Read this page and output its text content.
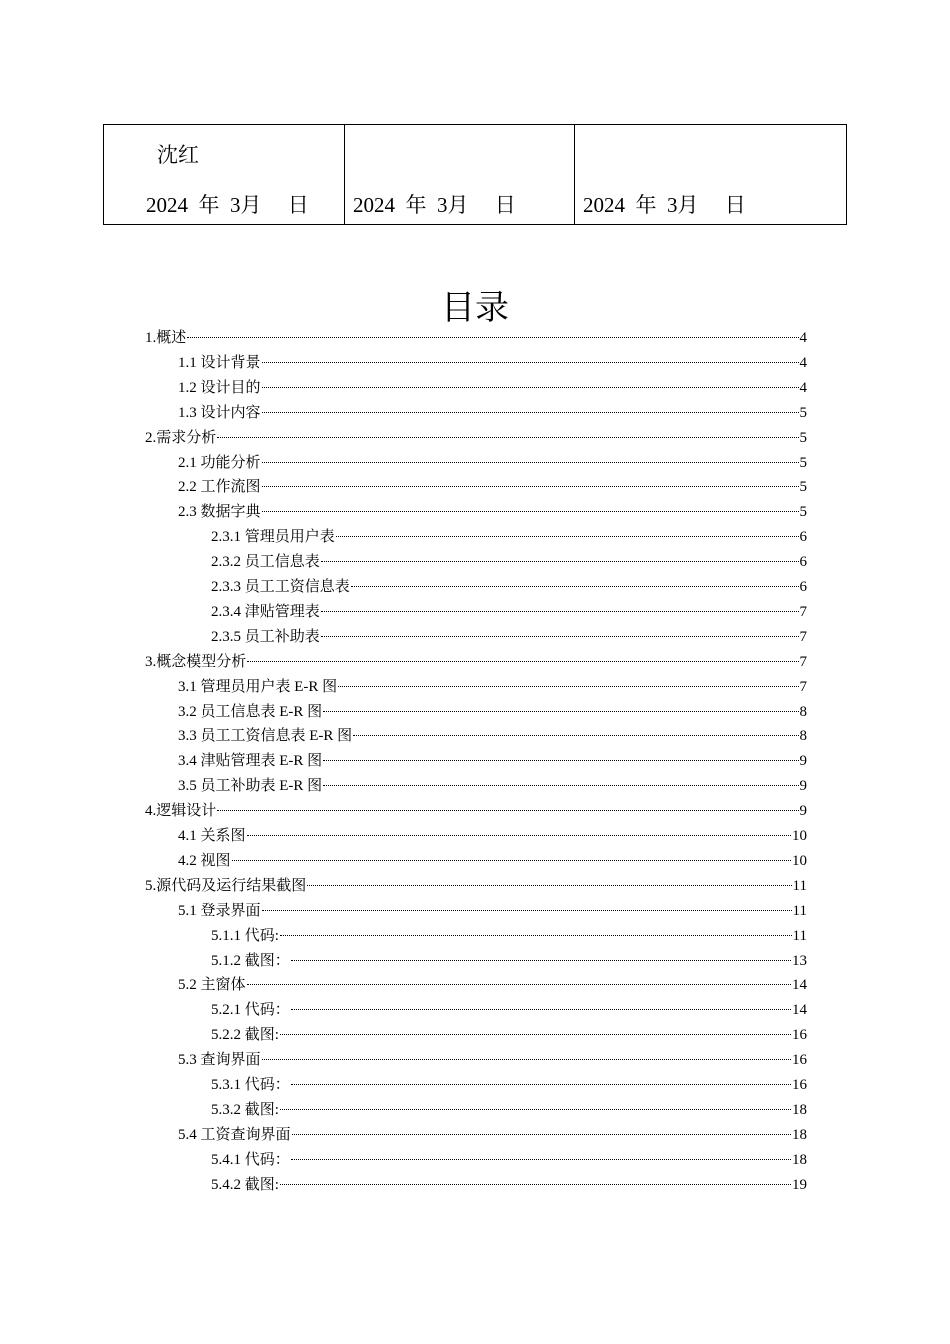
沈红
2024  年  3月     日	2024  年  3月     日	2024  年  3月     日
目录
1.概述	4
1.1 设计背景	4
1.2 设计目的	4
1.3 设计内容	5
2.需求分析	5
2.1 功能分析	5
2.2 工作流图	5
2.3 数据字典	5
2.3.1 管理员用户表	6
2.3.2 员工信息表	6
2.3.3 员工工资信息表	6
2.3.4 津贴管理表	7
2.3.5 员工补助表	7
3.概念模型分析	7
3.1 管理员用户表 E-R 图	7
3.2 员工信息表 E-R 图	8
3.3 员工工资信息表 E-R 图	8
3.4 津贴管理表 E-R 图	9
3.5 员工补助表 E-R 图	9
4.逻辑设计	9
4.1 关系图	10
4.2 视图	10
5.源代码及运行结果截图	11
5.1 登录界面	11
5.1.1 代码:	11
5.1.2 截图：	13
5.2 主窗体	14
5.2.1 代码：	14
5.2.2 截图:	16
5.3 查询界面	16
5.3.1 代码：	16
5.3.2 截图:	18
5.4 工资查询界面	18
5.4.1 代码：	18
5.4.2 截图:	19
